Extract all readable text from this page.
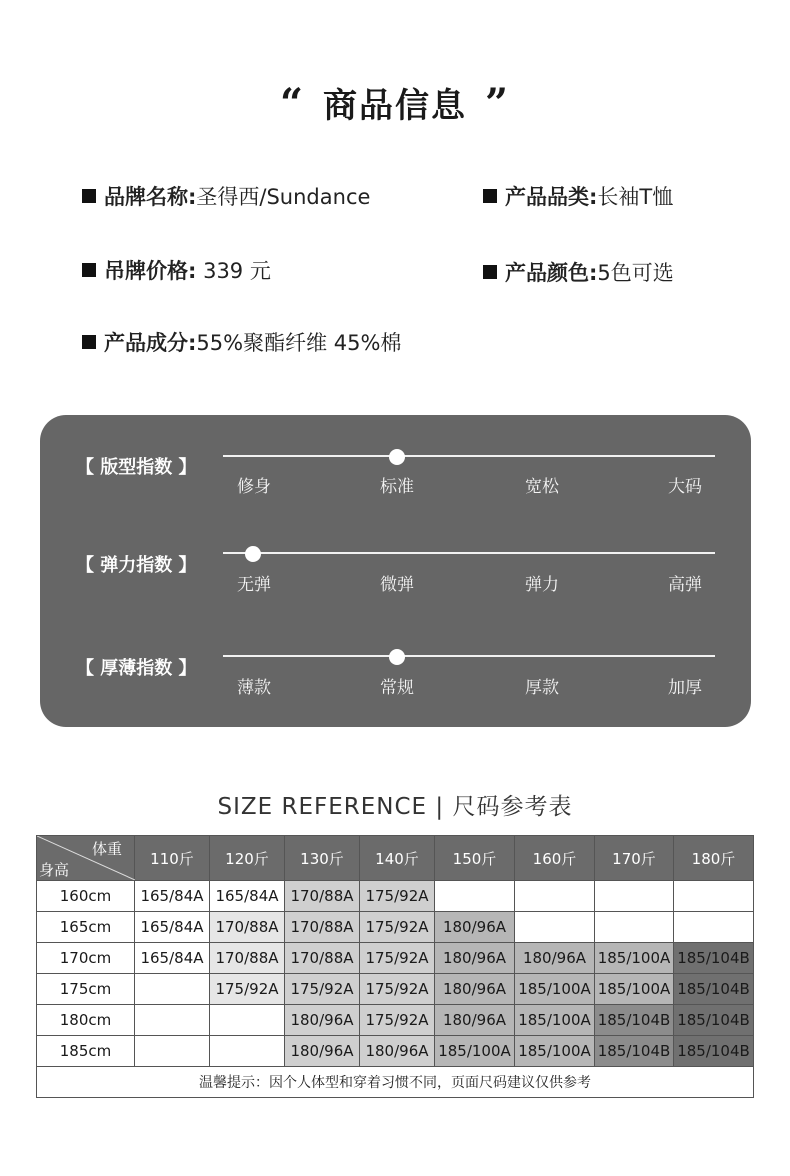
“ 商品信息 ”
品牌名称:圣得西/Sundance	产品品类:长袖T恤
吊牌价格: 339 元	产品颜色:5色可选
产品成分:55%聚酯纤维 45%棉
【 版型指数 】
修身	标准	宽松	大码
【 弹力指数 】
无弹	微弹	弹力	高弹
【 厚薄指数 】
薄款	常规	厚款	加厚
SIZE REFERENCE | 尺码参考表
体重
身高	110斤	120斤	130斤	140斤	150斤	160斤	170斤	180斤
160cm	165/84A	165/84A	170/88A	175/92A				
165cm	165/84A	170/88A	170/88A	175/92A	180/96A			
170cm	165/84A	170/88A	170/88A	175/92A	180/96A	180/96A	185/100A	185/104B
175cm		175/92A	175/92A	175/92A	180/96A	185/100A	185/100A	185/104B
180cm			180/96A	175/92A	180/96A	185/100A	185/104B	185/104B
185cm			180/96A	180/96A	185/100A	185/100A	185/104B	185/104B
温馨提示：因个人体型和穿着习惯不同，页面尺码建议仅供参考								
